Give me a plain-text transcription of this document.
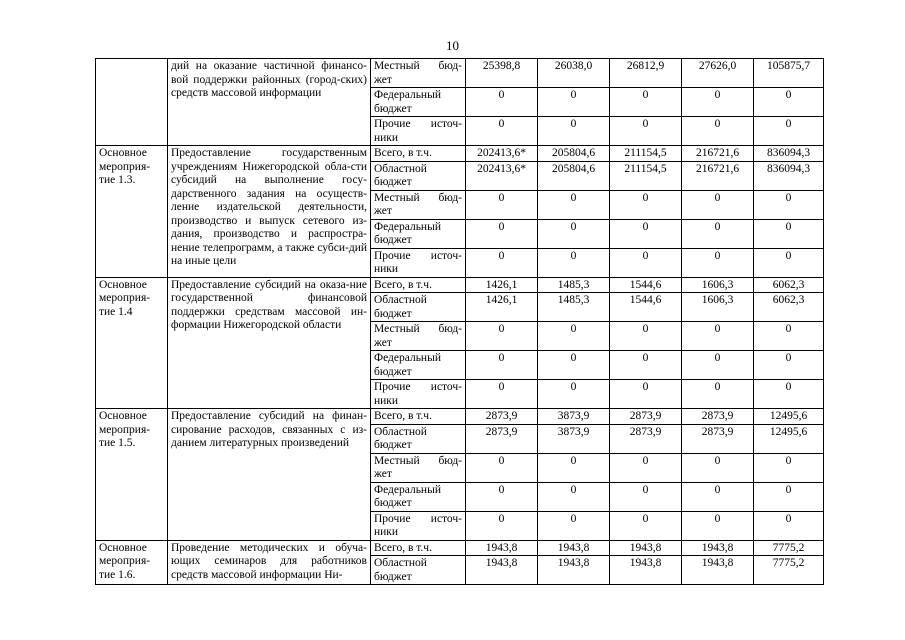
10
	дий на оказание частичной финансо-вой поддержки районных (город-ских) средств массовой информации	Местный бюд-жет	25398,8	26038,0	26812,9	27626,0	105875,7
		Федеральный бюджет	0	0	0	0	0
		Прочие источ-ники	0	0	0	0	0
Основное мероприя-тие 1.3.	Предоставление государственным учреждениям Нижегородской обла-сти субсидий на выполнение госу-дарственного задания на осуществ-ление издательской деятельности, производство и выпуск сетевого из-дания, производство и распростра-нение телепрограмм, а также субси-дий на иные цели	Всего, в т.ч.	202413,6*	205804,6	211154,5	216721,6	836094,3
		Областной бюджет	202413,6*	205804,6	211154,5	216721,6	836094,3
		Местный бюд-жет	0	0	0	0	0
		Федеральный бюджет	0	0	0	0	0
		Прочие источ-ники	0	0	0	0	0
Основное мероприя-тие 1.4	Предоставление субсидий на оказа-ние государственной финансовой поддержки средствам массовой ин-формации Нижегородской области	Всего, в т.ч.	1426,1	1485,3	1544,6	1606,3	6062,3
		Областной бюджет	1426,1	1485,3	1544,6	1606,3	6062,3
		Местный бюд-жет	0	0	0	0	0
		Федеральный бюджет	0	0	0	0	0
		Прочие источ-ники	0	0	0	0	0
Основное мероприя-тие 1.5.	Предоставление субсидий на финан-сирование расходов, связанных с из-данием литературных произведений	Всего, в т.ч.	2873,9	3873,9	2873,9	2873,9	12495,6
		Областной бюджет	2873,9	3873,9	2873,9	2873,9	12495,6
		Местный бюд-жет	0	0	0	0	0
		Федеральный бюджет	0	0	0	0	0
		Прочие источ-ники	0	0	0	0	0
Основное мероприя-тие 1.6.	Проведение методических и обуча-ющих семинаров для работников средств массовой информации Ни-	Всего, в т.ч.	1943,8	1943,8	1943,8	1943,8	7775,2
		Областной бюджет	1943,8	1943,8	1943,8	1943,8	7775,2
